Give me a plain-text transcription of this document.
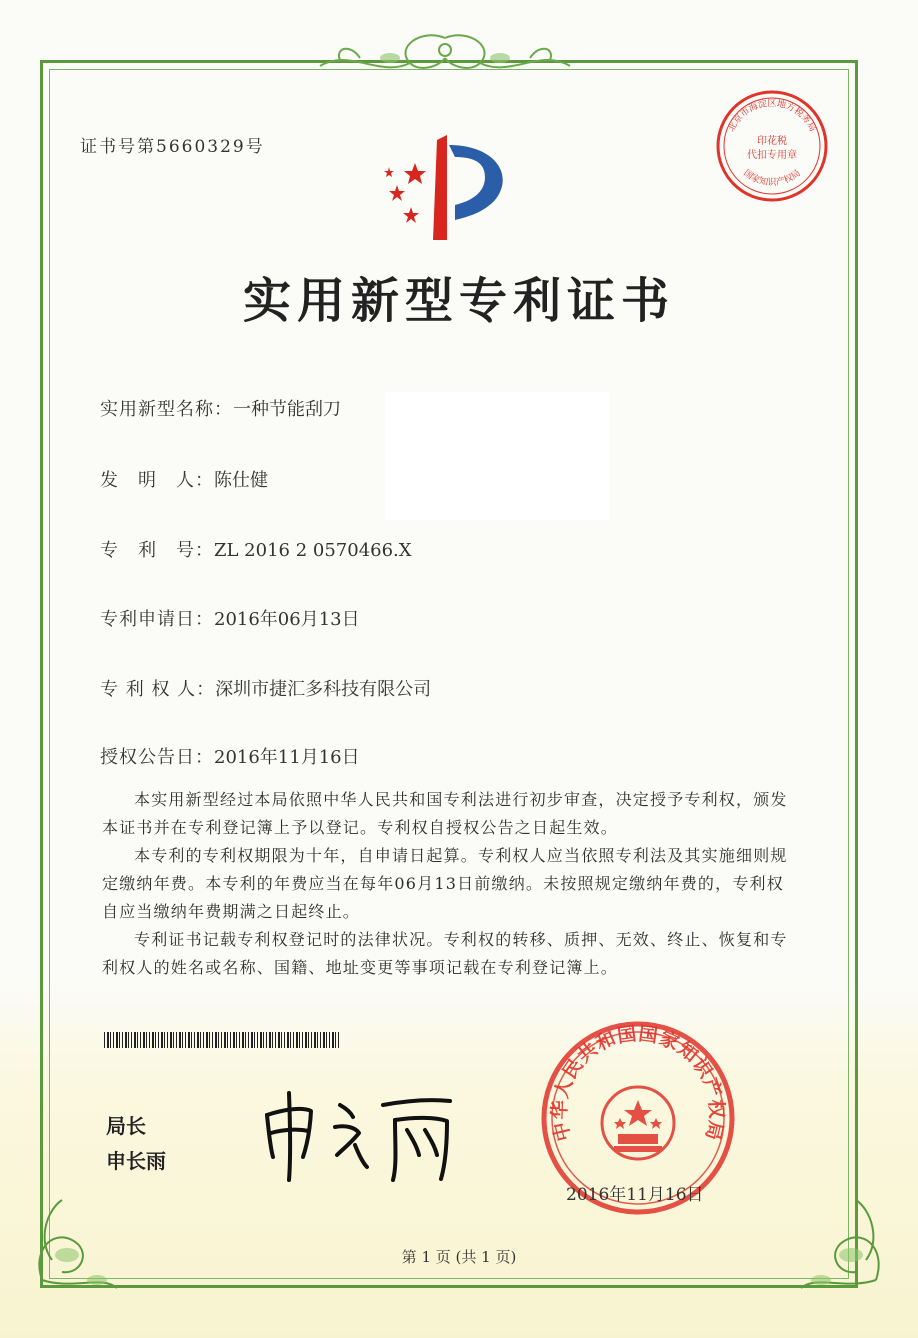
证书号第5660329号
北京市海淀区地方税务局
印花税
代扣专用章
国家知识产权局
实用新型专利证书
实用新型名称：一种节能刮刀
发　明　人：陈仕健
专　利　号：ZL 2016 2 0570466.X
专利申请日：2016年06月13日
专 利 权 人：深圳市捷汇多科技有限公司
授权公告日：2016年11月16日

本实用新型经过本局依照中华人民共和国专利法进行初步审查，决定授予专利权，颁发本证书并在专利登记簿上予以登记。专利权自授权公告之日起生效。

本专利的专利权期限为十年，自申请日起算。专利权人应当依照专利法及其实施细则规定缴纳年费。本专利的年费应当在每年06月13日前缴纳。未按照规定缴纳年费的，专利权自应当缴纳年费期满之日起终止。

专利证书记载专利权登记时的法律状况。专利权的转移、质押、无效、终止、恢复和专利权人的姓名或名称、国籍、地址变更等事项记载在专利登记簿上。

局长
申长雨
中华人民共和国国家知识产权局
2016年11月16日
第 1 页 (共 1 页)
